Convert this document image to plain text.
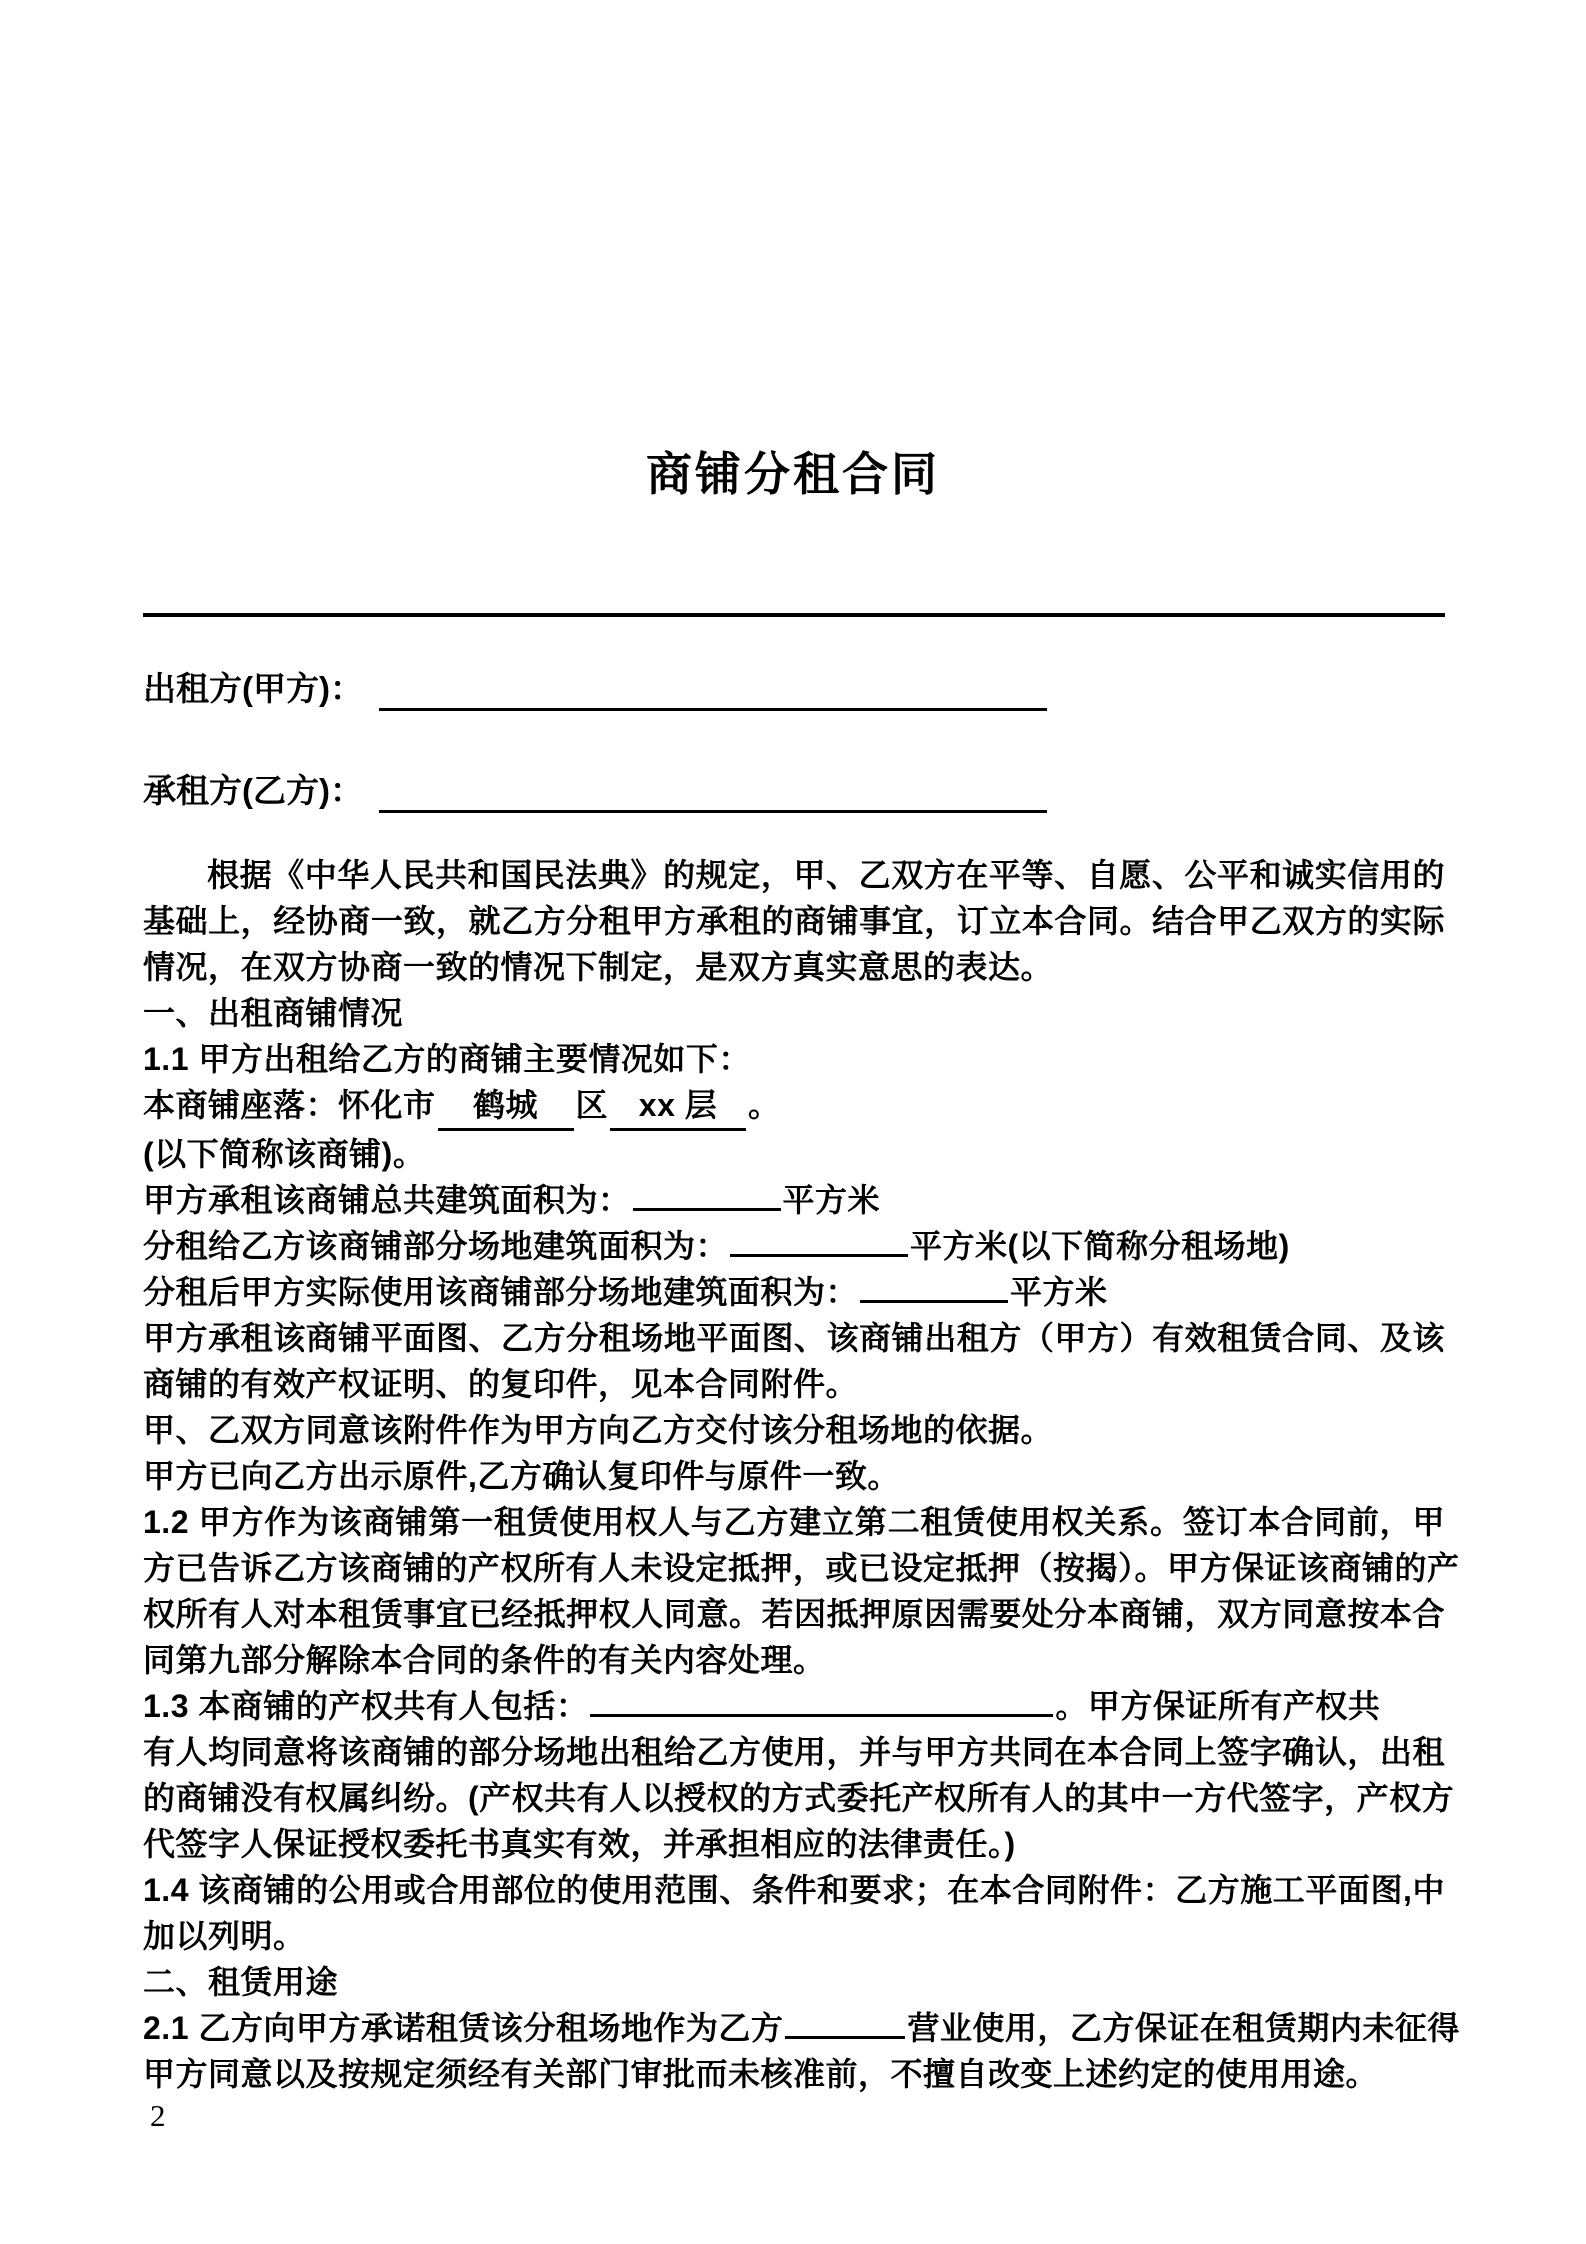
商铺分租合同
出租方(甲方)：
承租方(乙方)：
根据《中华人民共和国民法典》的规定，甲、乙双方在平等、自愿、公平和诚实信用的
基础上，经协商一致，就乙方分租甲方承租的商铺事宜，订立本合同。结合甲乙双方的实际
情况，在双方协商一致的情况下制定，是双方真实意思的表达。
一、出租商铺情况
1.1 甲方出租给乙方的商铺主要情况如下：
本商铺座落：怀化市 鹤城 区 xx 层 。
(以下简称该商铺)。
甲方承租该商铺总共建筑面积为：	平方米
分租给乙方该商铺部分场地建筑面积为：	平方米(以下简称分租场地)
分租后甲方实际使用该商铺部分场地建筑面积为：	平方米
甲方承租该商铺平面图、乙方分租场地平面图、该商铺出租方（甲方）有效租赁合同、及该
商铺的有效产权证明、的复印件，见本合同附件。
甲、乙双方同意该附件作为甲方向乙方交付该分租场地的依据。
甲方已向乙方出示原件,乙方确认复印件与原件一致。
1.2 甲方作为该商铺第一租赁使用权人与乙方建立第二租赁使用权关系。签订本合同前，甲
方已告诉乙方该商铺的产权所有人未设定抵押，或已设定抵押（按揭）。甲方保证该商铺的产
权所有人对本租赁事宜已经抵押权人同意。若因抵押原因需要处分本商铺，双方同意按本合
同第九部分解除本合同的条件的有关内容处理。
1.3 本商铺的产权共有人包括：	。甲方保证所有产权共
有人均同意将该商铺的部分场地出租给乙方使用，并与甲方共同在本合同上签字确认，出租
的商铺没有权属纠纷。(产权共有人以授权的方式委托产权所有人的其中一方代签字，产权方
代签字人保证授权委托书真实有效，并承担相应的法律责任。)
1.4 该商铺的公用或合用部位的使用范围、条件和要求；在本合同附件：乙方施工平面图,中
加以列明。
二、租赁用途
2.1 乙方向甲方承诺租赁该分租场地作为乙方	营业使用，乙方保证在租赁期内未征得
甲方同意以及按规定须经有关部门审批而未核准前，不擅自改变上述约定的使用用途。
2
